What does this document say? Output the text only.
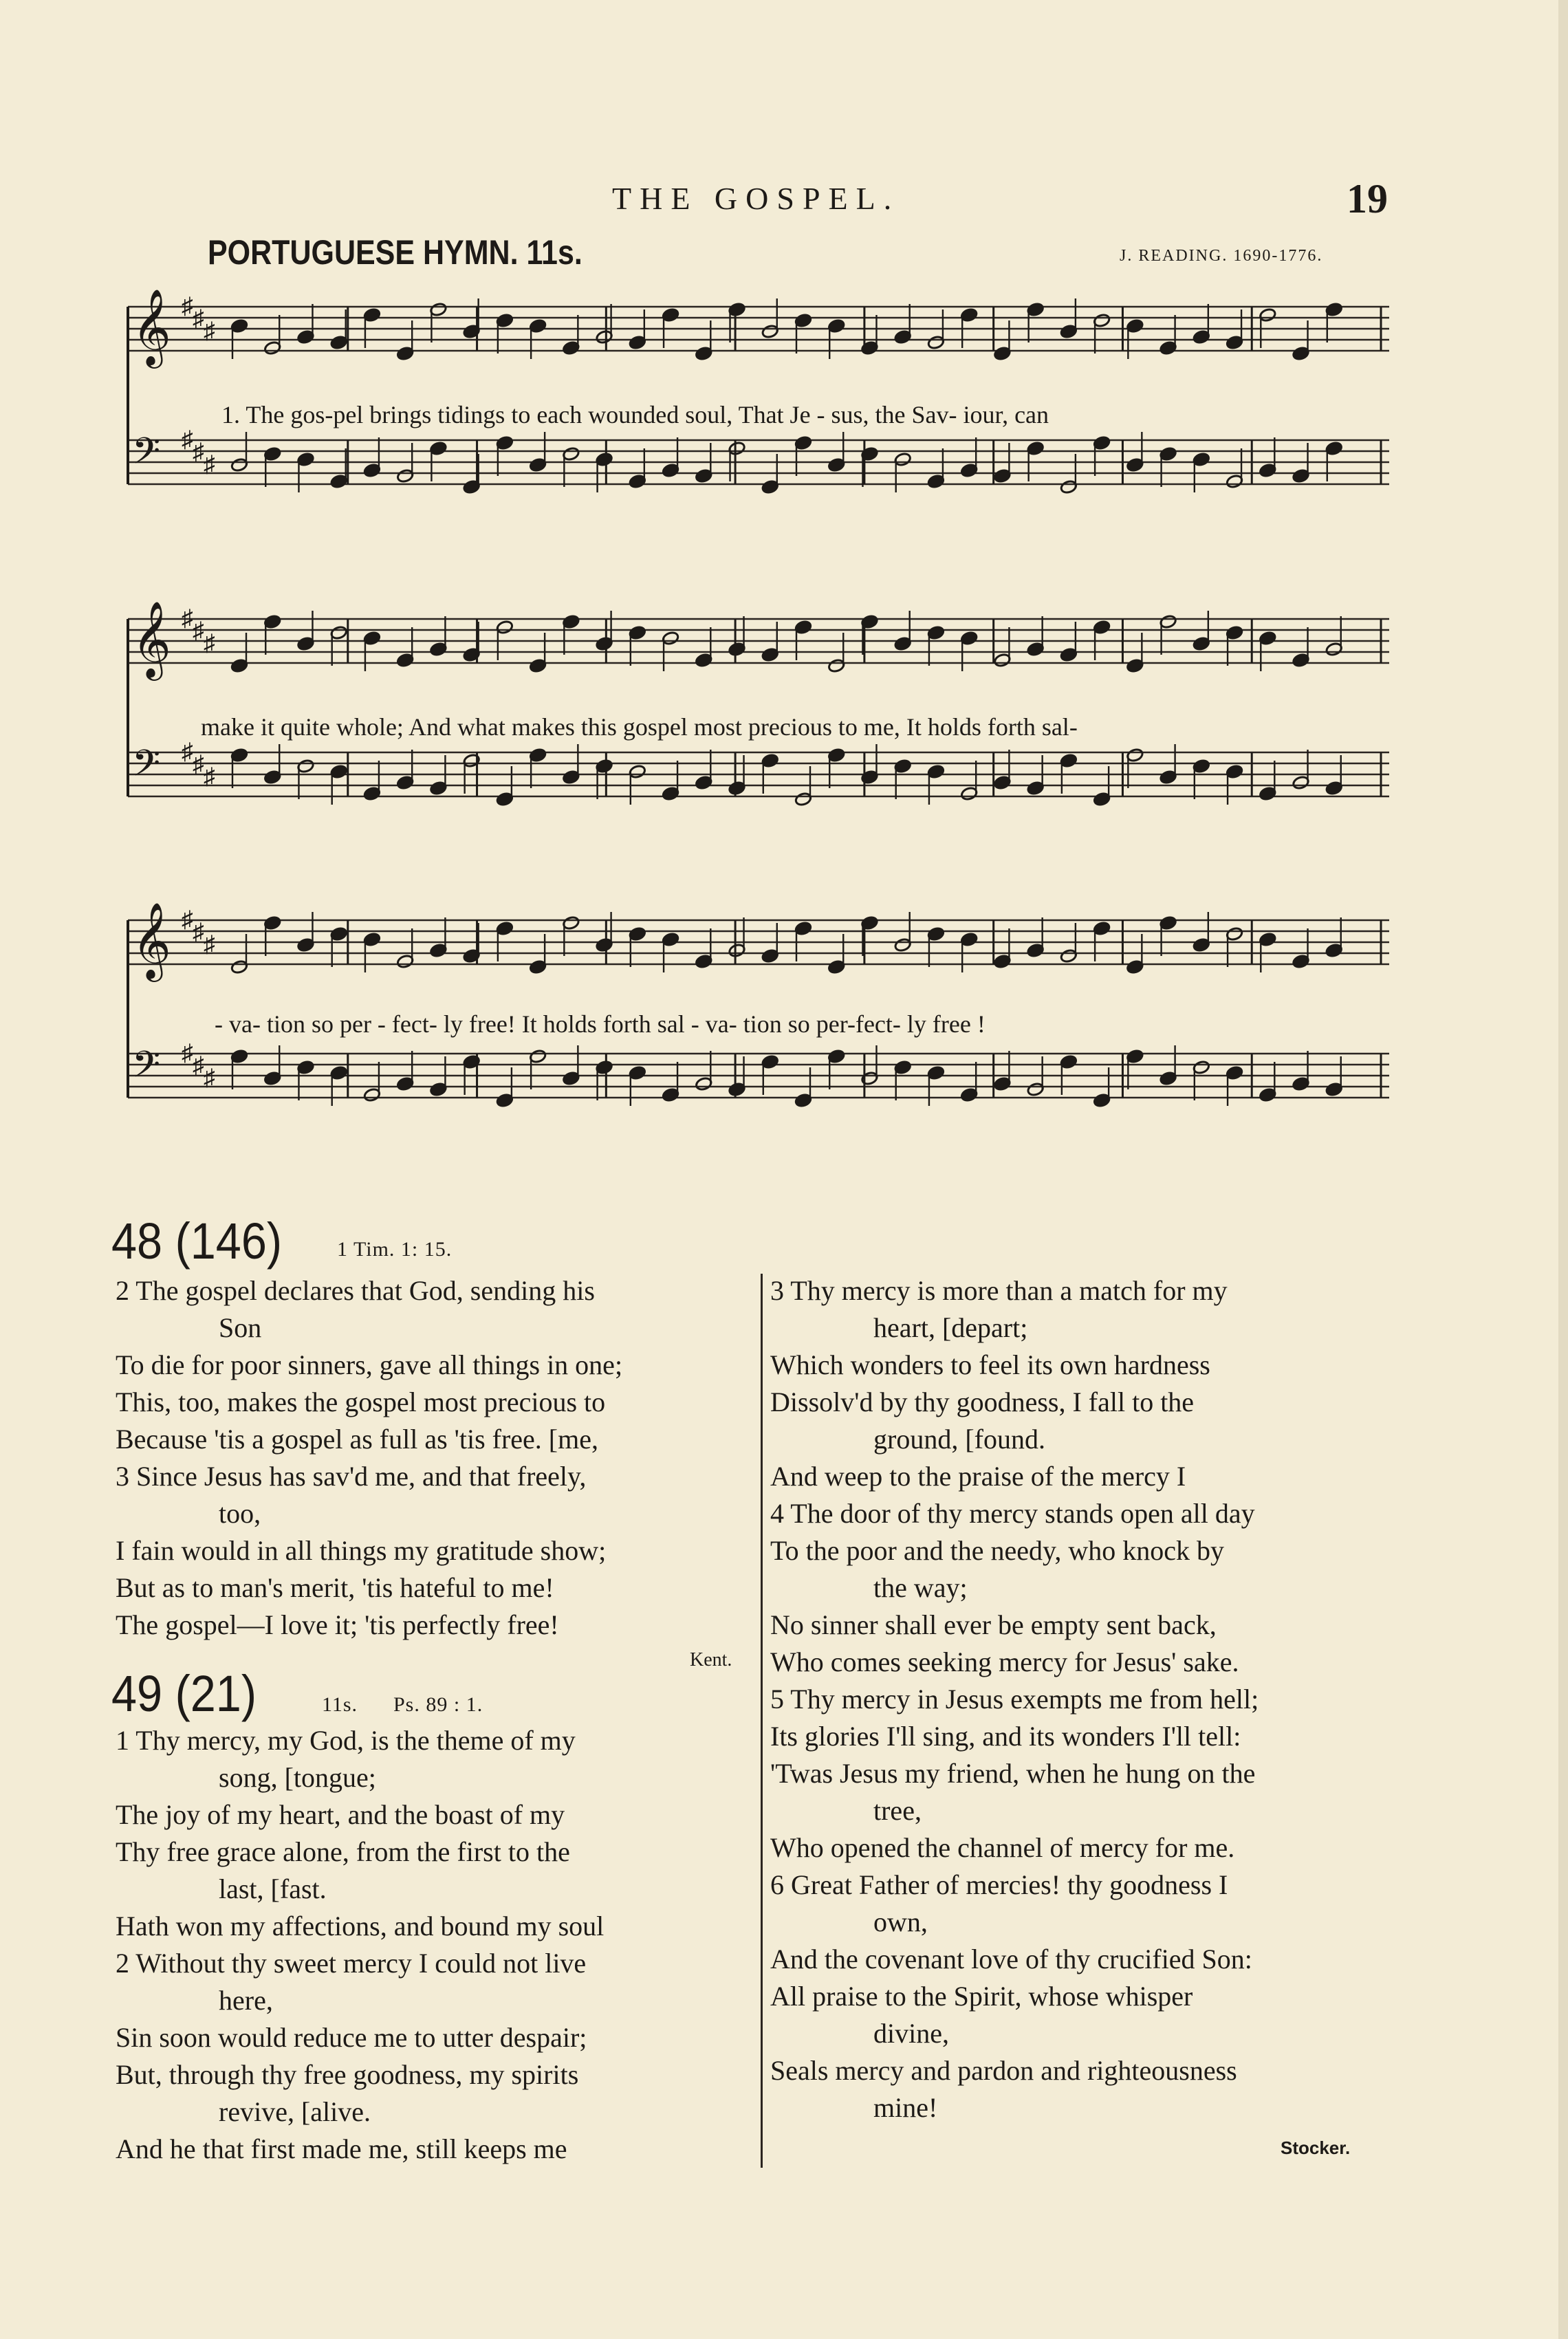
THE GOSPEL.	19
PORTUGUESE HYMN. 11s.	J. READING. 1690-1776.
𝄞 ♯ ♯ ♯
𝄢 ♯ ♯ ♯
1. The gos-pel brings tidings to each wounded soul, That Je - sus, the Sav- iour, can
𝄞 ♯ ♯ ♯
𝄢 ♯ ♯ ♯
make it quite whole; And what makes this gospel most precious to me, It holds forth sal-
𝄞 ♯ ♯ ♯
𝄢 ♯ ♯ ♯
- va- tion so per - fect- ly free! It holds forth sal - va- tion so per-fect- ly free !
48 (146)	1 Tim. 1: 15.
2 The gospel declares that God, sending his
Son
To die for poor sinners, gave all things in one;
This, too, makes the gospel most precious to
Because 'tis a gospel as full as 'tis free. [me,
3 Since Jesus has sav'd me, and that freely,
too,
I fain would in all things my gratitude show;
But as to man's merit, 'tis hateful to me!
The gospel—I love it; 'tis perfectly free!
Kent.
49 (21)	11s. Ps. 89 : 1.
1 Thy mercy, my God, is the theme of my
song, [tongue;
The joy of my heart, and the boast of my
Thy free grace alone, from the first to the
last, [fast.
Hath won my affections, and bound my soul
2 Without thy sweet mercy I could not live
here,
Sin soon would reduce me to utter despair;
But, through thy free goodness, my spirits
revive, [alive.
And he that first made me, still keeps me
3 Thy mercy is more than a match for my
heart, [depart;
Which wonders to feel its own hardness
Dissolv'd by thy goodness, I fall to the
ground, [found.
And weep to the praise of the mercy I
4 The door of thy mercy stands open all day
To the poor and the needy, who knock by
the way;
No sinner shall ever be empty sent back,
Who comes seeking mercy for Jesus' sake.
5 Thy mercy in Jesus exempts me from hell;
Its glories I'll sing, and its wonders I'll tell:
'Twas Jesus my friend, when he hung on the
tree,
Who opened the channel of mercy for me.
6 Great Father of mercies! thy goodness I
own,
And the covenant love of thy crucified Son:
All praise to the Spirit, whose whisper
divine,
Seals mercy and pardon and righteousness
mine!
Stocker.
